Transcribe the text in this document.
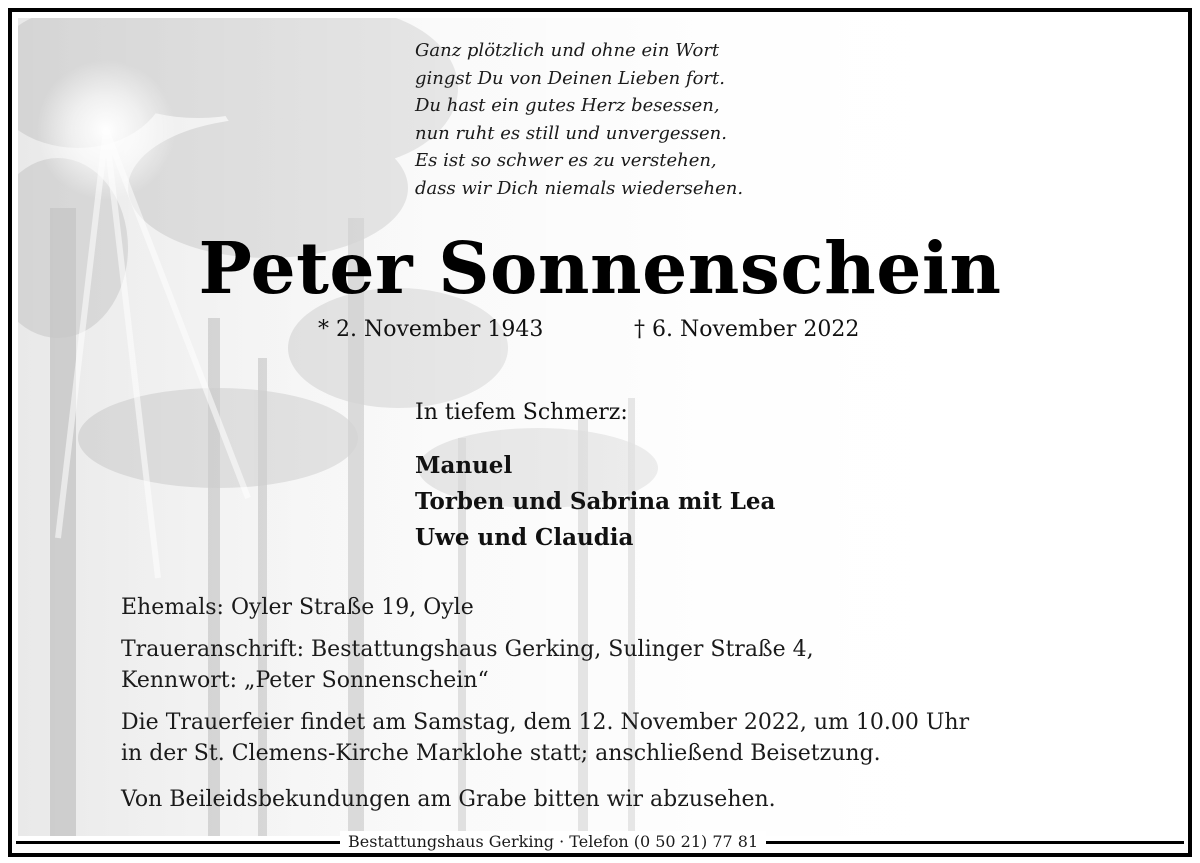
Ganz plötzlich und ohne ein Wort
gingst Du von Deinen Lieben fort.
Du hast ein gutes Herz besessen,
nun ruht es still und unvergessen.
Es ist so schwer es zu verstehen,
dass wir Dich niemals wiedersehen.
Peter Sonnenschein
* 2. November 1943	† 6. November 2022
In tiefem Schmerz:
Manuel
Torben und Sabrina mit Lea
Uwe und Claudia
Ehemals: Oyler Straße 19, Oyle
Traueranschrift: Bestattungshaus Gerking, Sulinger Straße 4,
Kennwort: „Peter Sonnenschein“
Die Trauerfeier findet am Samstag, dem 12. November 2022, um 10.00 Uhr
in der St. Clemens-Kirche Marklohe statt; anschließend Beisetzung.
Von Beileidsbekundungen am Grabe bitten wir abzusehen.
Bestattungshaus Gerking · Telefon (0 50 21) 77 81
